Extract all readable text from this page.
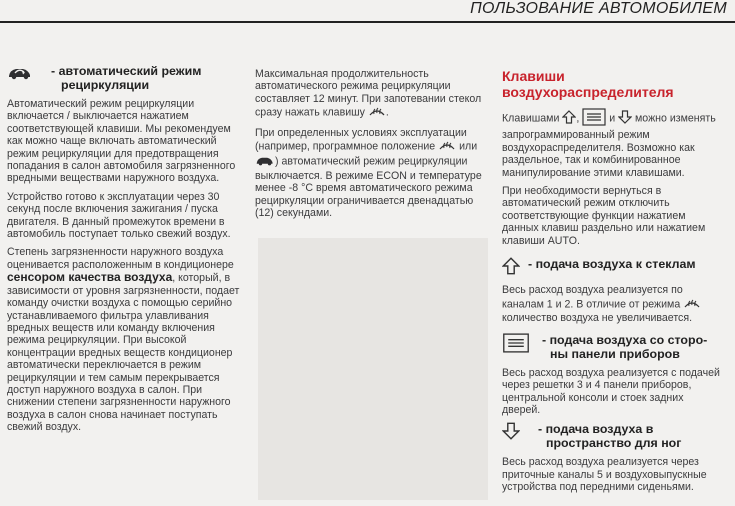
ПОЛЬЗОВАНИЕ АВТОМОБИЛЕМ
- автоматический режим
рециркуляции

Автоматический режим рециркуляции включается / выключается нажатием соответствующей клавиши. Мы рекомендуем как можно чаще включать автоматический режим рециркуляции для предотвращения попадания в салон автомобиля загрязненного вредными веществами наружного воздуха.

Устройство готово к эксплуатации через 30 секунд после включения зажигания / пуска двигателя. В данный промежуток времени в автомобиль поступает только свежий воздух.

Степень загрязненности наружного воздуха оценивается расположенным в кондиционере сенсором качества воздуха, который, в зависимости от уровня загрязненности, подает команду очистки воздуха с помощью серийно устанавливаемого фильтра улавливания вредных веществ или команду включения режима рециркуляции. При высокой концентрации вредных веществ кондиционер автоматически переключается в режим рециркуляции и тем самым перекрывается доступ наружного воздуха в салон. При снижении степени загрязненности наружного воздуха в салон снова начинает поступать свежий воздух.

Максимальная продолжительность автоматического режима рециркуляции составляет 12 минут. При запотевании стекол сразу нажать клавишу .

При определенных условиях эксплуатации (например, программное положение или ) автоматический режим рециркуляции выключается. В режиме ECON и температуре менее -8 °C время автоматического режима рециркуляции ограничивается двенадцатью (12) секундами.

Клавиши
воздухораспределителя

Клавишами ,	и можно изменять запрограммированный режим воздухораспределителя. Возможно как раздельное, так и комбинированное манипулирование этими клавишами.

При необходимости вернуться в автоматический режим отключить соответствующие функции нажатием данных клавиш раздельно или нажатием клавиши AUTO.

- подача воздуха к стеклам

Весь расход воздуха реализуется по каналам 1 и 2. В отличие от режима  количество воздуха не увеличивается.

- подача воздуха со сторо-
ны панели приборов

Весь расход воздуха реализуется с подачей через решетки 3 и 4 панели приборов, центральной консоли и стоек задних дверей.

- подача воздуха в
пространство для ног

Весь расход воздуха реализуется через приточные каналы 5 и воздуховыпускные устройства под передними сиденьями.
